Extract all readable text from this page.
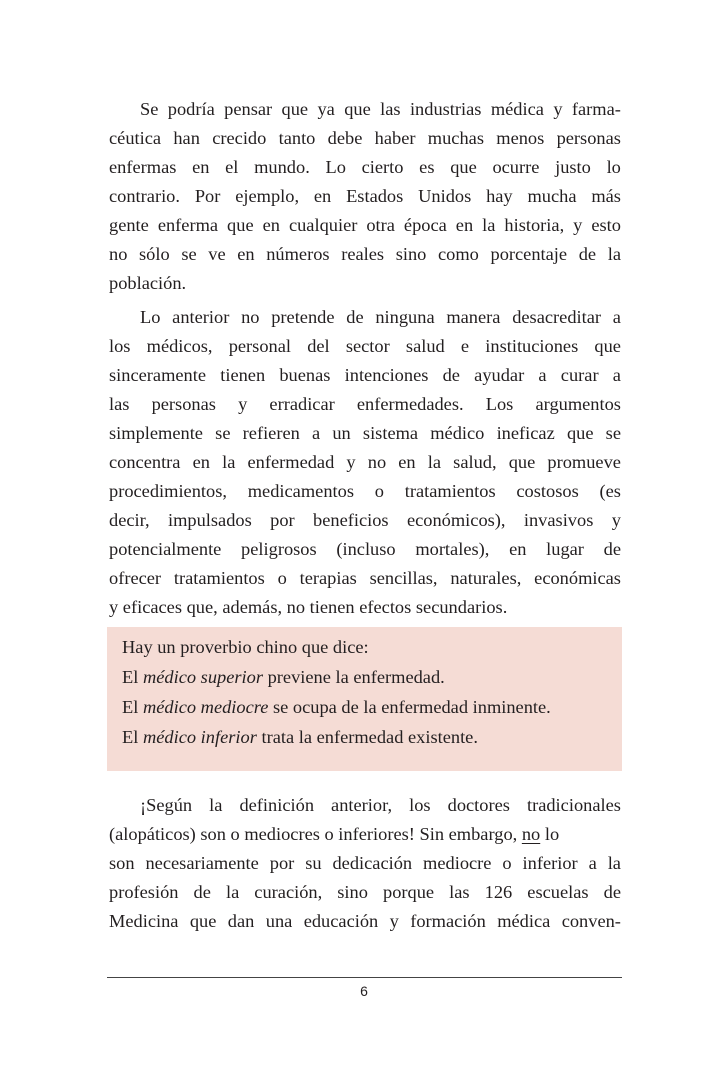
Se podría pensar que ya que las industrias médica y farma-
céutica han crecido tanto debe haber muchas menos personas
enfermas en el mundo. Lo cierto es que ocurre justo lo
contrario. Por ejemplo, en Estados Unidos hay mucha más
gente enferma que en cualquier otra época en la historia, y esto
no sólo se ve en números reales sino como porcentaje de la
población.
Lo anterior no pretende de ninguna manera desacreditar a
los médicos, personal del sector salud e instituciones que
sinceramente tienen buenas intenciones de ayudar a curar a
las personas y erradicar enfermedades. Los argumentos
simplemente se refieren a un sistema médico ineficaz que se
concentra en la enfermedad y no en la salud, que promueve
procedimientos, medicamentos o tratamientos costosos (es
decir, impulsados por beneficios económicos), invasivos y
potencialmente peligrosos (incluso mortales), en lugar de
ofrecer tratamientos o terapias sencillas, naturales, económicas
y eficaces que, además, no tienen efectos secundarios.
Hay un proverbio chino que dice:
El médico superior previene la enfermedad.
El médico mediocre se ocupa de la enfermedad inminente.
El médico inferior trata la enfermedad existente.
¡Según la definición anterior, los doctores tradicionales
(alopáticos) son o mediocres o inferiores! Sin embargo, no lo
son necesariamente por su dedicación mediocre o inferior a la
profesión de la curación, sino porque las 126 escuelas de
Medicina que dan una educación y formación médica conven-
6
